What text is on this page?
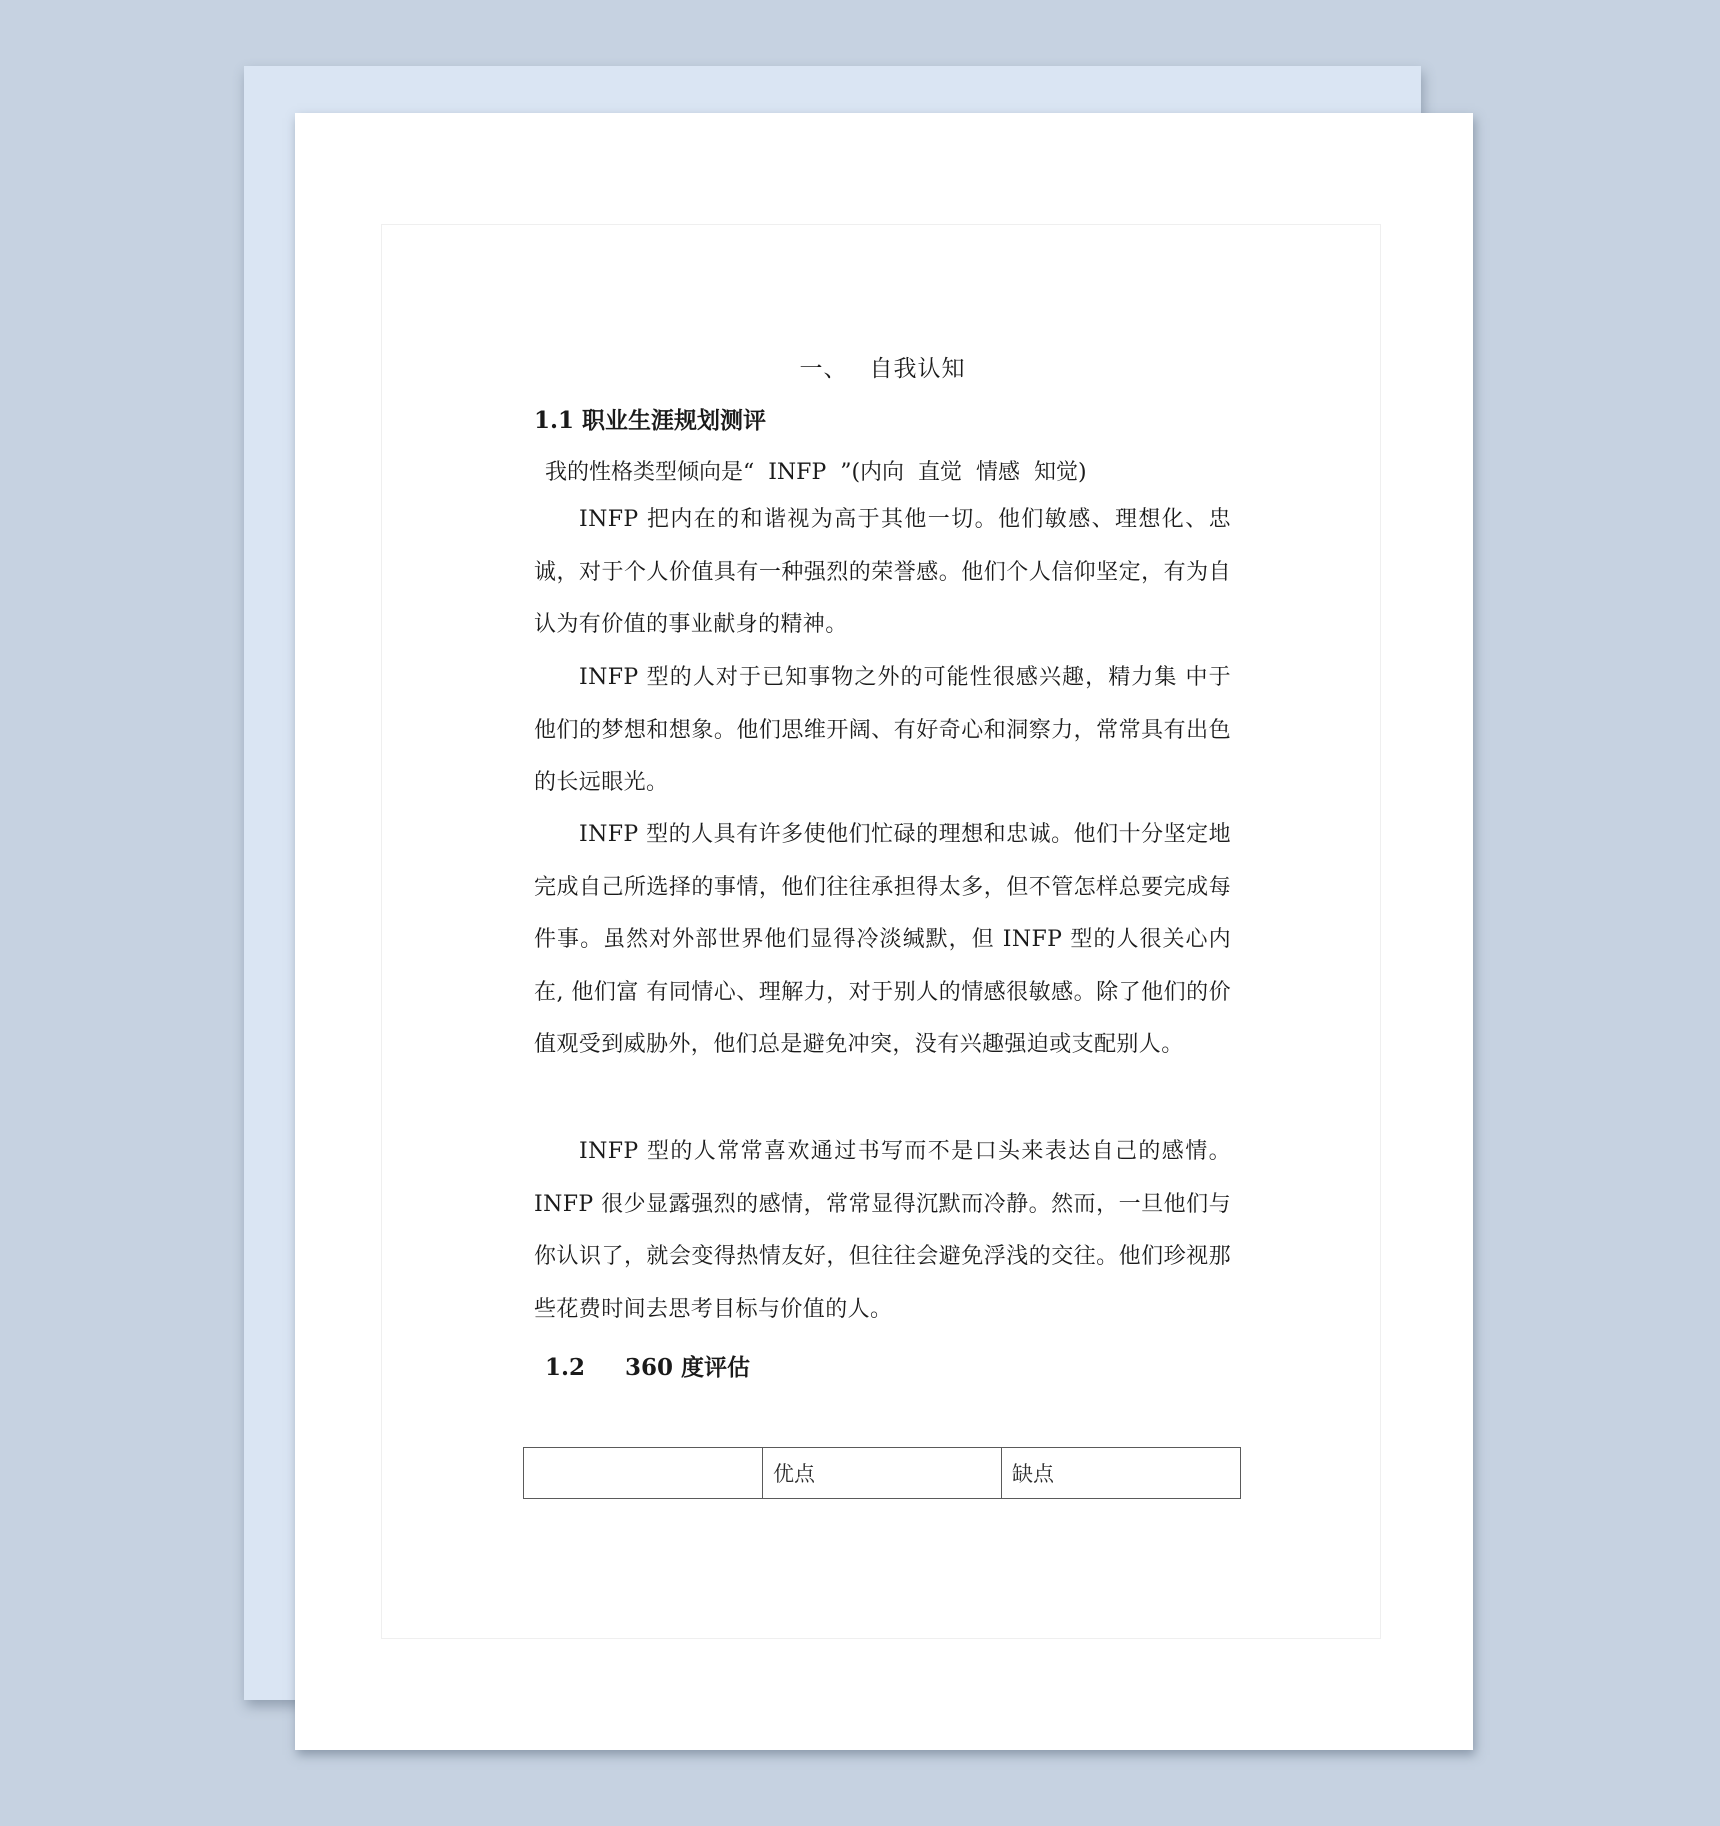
一、 自我认知
1.1 职业生涯规划测评

我的性格类型倾向是“  INFP  ”(内向  直觉  情感  知觉)

INFP 把内在的和谐视为高于其他一切。他们敏感、理想化、忠诚，对于个人价值具有一种强烈的荣誉感。他们个人信仰坚定，有为自认为有价值的事业献身的精神。

INFP 型的人对于已知事物之外的可能性很感兴趣，精力集 中于他们的梦想和想象。他们思维开阔、有好奇心和洞察力，常常具有出色的长远眼光。

INFP 型的人具有许多使他们忙碌的理想和忠诚。他们十分坚定地完成自己所选择的事情，他们往往承担得太多，但不管怎样总要完成每件事。虽然对外部世界他们显得冷淡缄默，但 INFP 型的人很关心内在, 他们富 有同情心、理解力，对于别人的情感很敏感。除了他们的价值观受到威胁外，他们总是避免冲突，没有兴趣强迫或支配别人。

INFP 型的人常常喜欢通过书写而不是口头来表达自己的感情。INFP 很少显露强烈的感情，常常显得沉默而冷静。然而，一旦他们与你认识了，就会变得热情友好，但往往会避免浮浅的交往。他们珍视那些花费时间去思考目标与价值的人。

1.2 360 度评估
	优点	缺点
